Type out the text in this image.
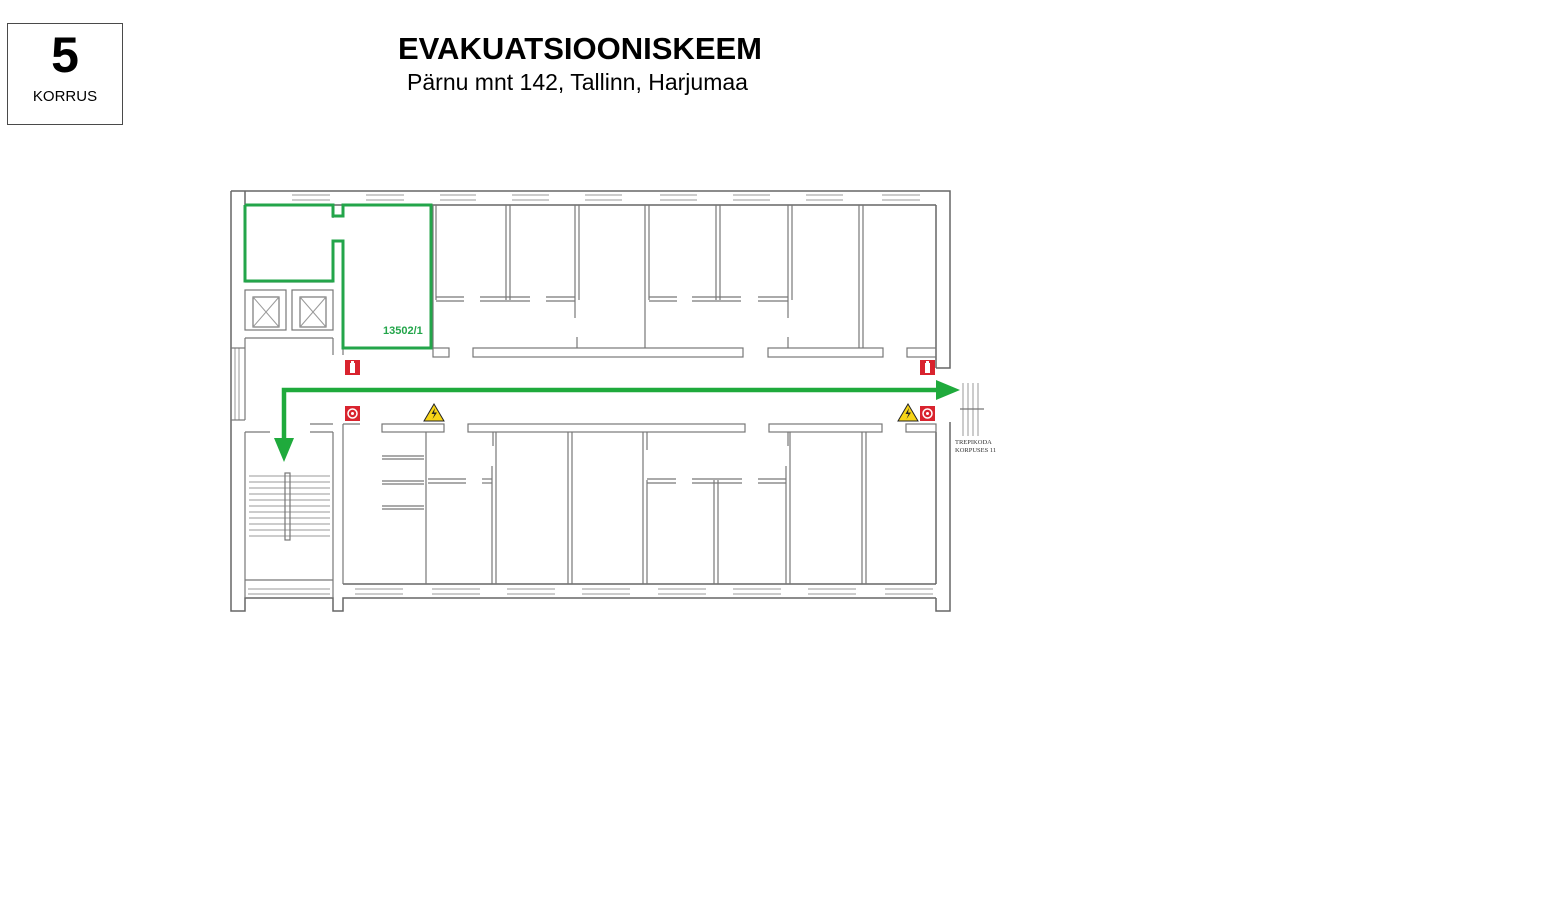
5
KORRUS
EVAKUATSIOONISKEEM
Pärnu mnt 142, Tallinn, Harjumaa
TREPIKODA
KORPUSES 11
13502/1
